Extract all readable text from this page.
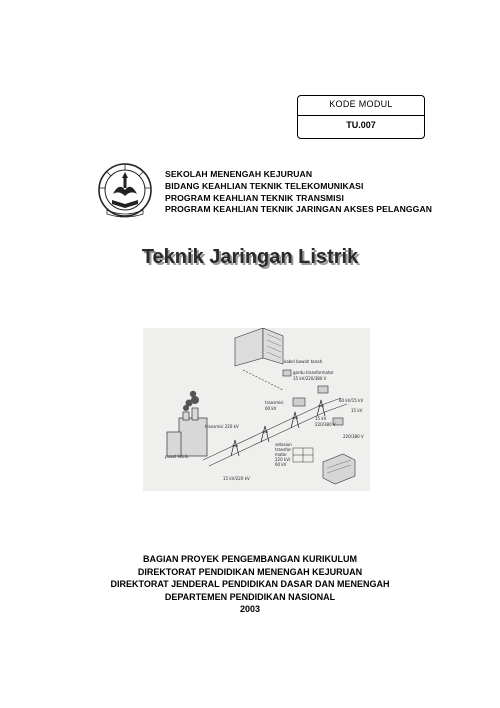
KODE MODUL
TU.007
SEKOLAH MENENGAH KEJURUAN
BIDANG KEAHLIAN TEKNIK TELEKOMUNIKASI
PROGRAM KEAHLIAN TEKNIK TRANSMISI
PROGRAM KEAHLIAN TEKNIK JARINGAN AKSES PELANGGAN
Teknik Jaringan Listrik
kabel bawah tanah
gardu transformator
15 kV/220/380 V
transmisi
60 kV
60 kV/15 kV
15 kV
15 kV
220/380 V
220/380 V
transmisi 220 kV
pusat listrik
15 kV/220 kV
setasiun
transfor-
mator
220 kV/
60 kV
BAGIAN PROYEK PENGEMBANGAN KURIKULUM
DIREKTORAT PENDIDIKAN MENENGAH KEJURUAN
DIREKTORAT JENDERAL PENDIDIKAN DASAR DAN MENENGAH
DEPARTEMEN PENDIDIKAN NASIONAL
2003
